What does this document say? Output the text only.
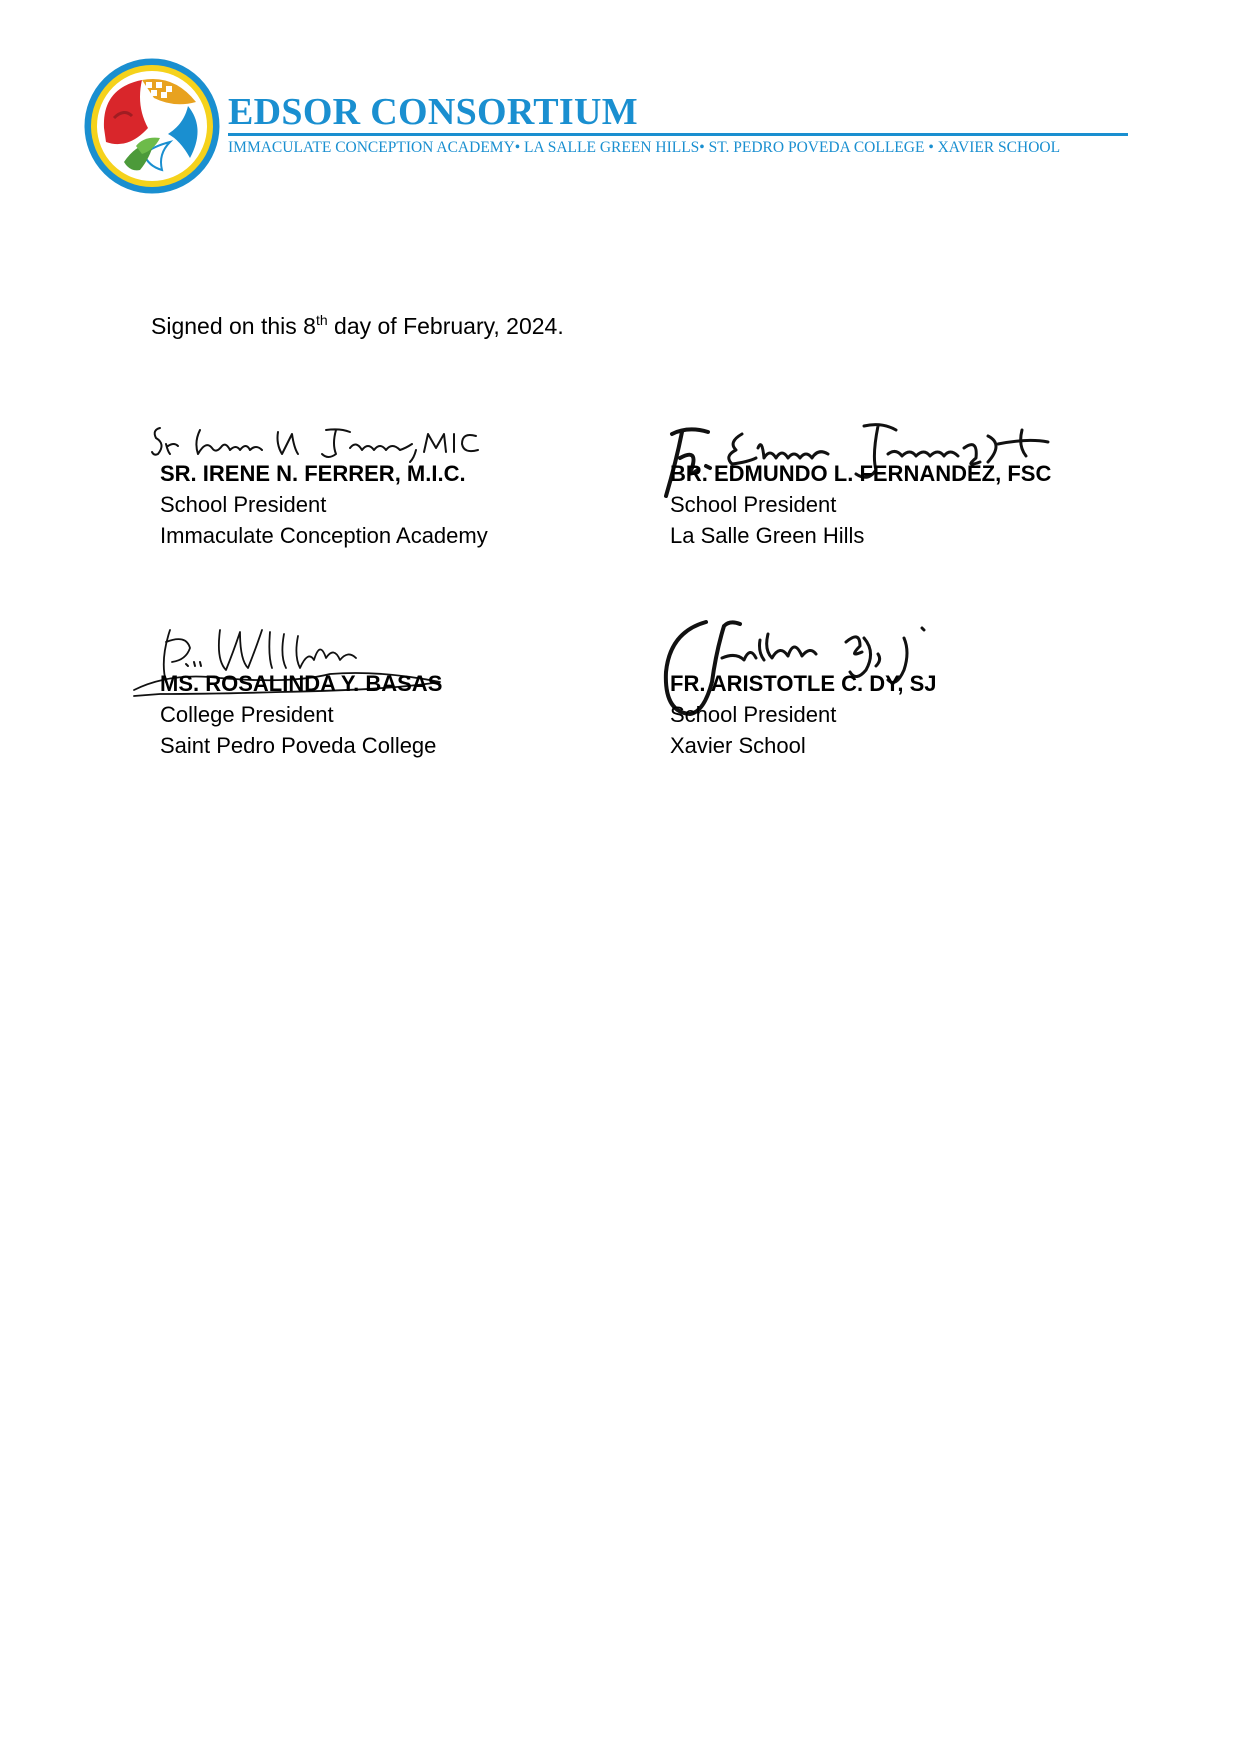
EDSOR CONSORTIUM
IMMACULATE CONCEPTION ACADEMY• LA SALLE GREEN HILLS• ST. PEDRO POVEDA COLLEGE • XAVIER SCHOOL
Signed on this 8th day of February, 2024.
SR. IRENE N. FERRER, M.I.C.
School President
Immaculate Conception Academy
BR. EDMUNDO L. FERNANDEZ, FSC
School President
La Salle Green Hills
MS. ROSALINDA Y. BASAS
College President
Saint Pedro Poveda College
FR. ARISTOTLE C. DY, SJ
School President
Xavier School
